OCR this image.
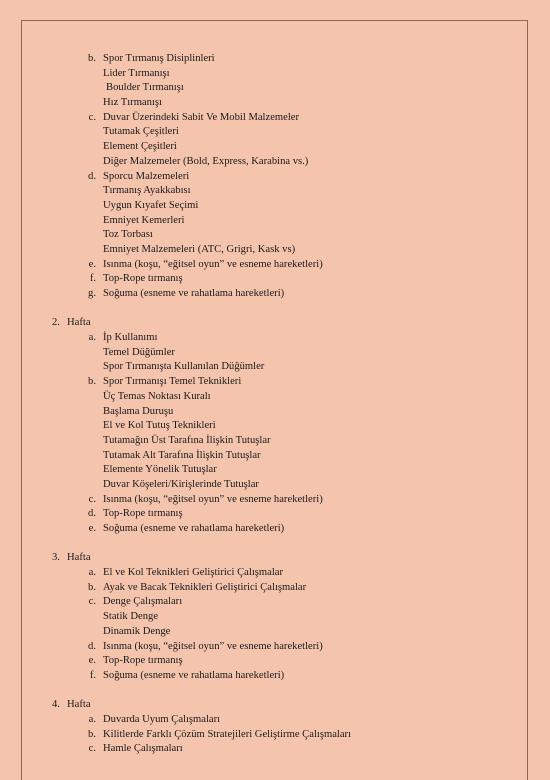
b. Spor Tırmanış Disiplinleri
Lider Tırmanışı
Boulder Tırmanışı
Hız Tırmanışı
c. Duvar Üzerindeki Sabit Ve Mobil Malzemeler
Tutamak Çeşitleri
Element Çeşitleri
Diğer Malzemeler (Bold, Express, Karabina vs.)
d. Sporcu Malzemeleri
Tırmanış Ayakkabısı
Uygun Kıyafet Seçimi
Emniyet Kemerleri
Toz Torbası
Emniyet Malzemeleri (ATC, Grigri, Kask vs)
e. Isınma (koşu, “eğitsel oyun” ve esneme hareketleri)
f. Top-Rope tırmanış
g. Soğuma (esneme ve rahatlama hareketleri)
2. Hafta
a. İp Kullanımı
Temel Düğümler
Spor Tırmanışta Kullanılan Düğümler
b. Spor Tırmanışı Temel Teknikleri
Üç Temas Noktası Kuralı
Başlama Duruşu
El ve Kol Tutuş Teknikleri
Tutamağın Üst Tarafına İlişkin Tutuşlar
Tutamak Alt Tarafına İlişkin Tutuşlar
Elemente Yönelik Tutuşlar
Duvar Köşeleri/Kirişlerinde Tutuşlar
c. Isınma (koşu, “eğitsel oyun” ve esneme hareketleri)
d. Top-Rope tırmanış
e. Soğuma (esneme ve rahatlama hareketleri)
3. Hafta
a. El ve Kol Teknikleri Geliştirici Çalışmalar
b. Ayak ve Bacak Teknikleri Geliştirici Çalışmalar
c. Denge Çalışmaları
Statik Denge
Dinamik Denge
d. Isınma (koşu, “eğitsel oyun” ve esneme hareketleri)
e. Top-Rope tırmanış
f. Soğuma (esneme ve rahatlama hareketleri)
4. Hafta
a. Duvarda Uyum Çalışmaları
b. Kilitlerde Farklı Çözüm Stratejileri Geliştirme Çalışmaları
c. Hamle Çalışmaları
